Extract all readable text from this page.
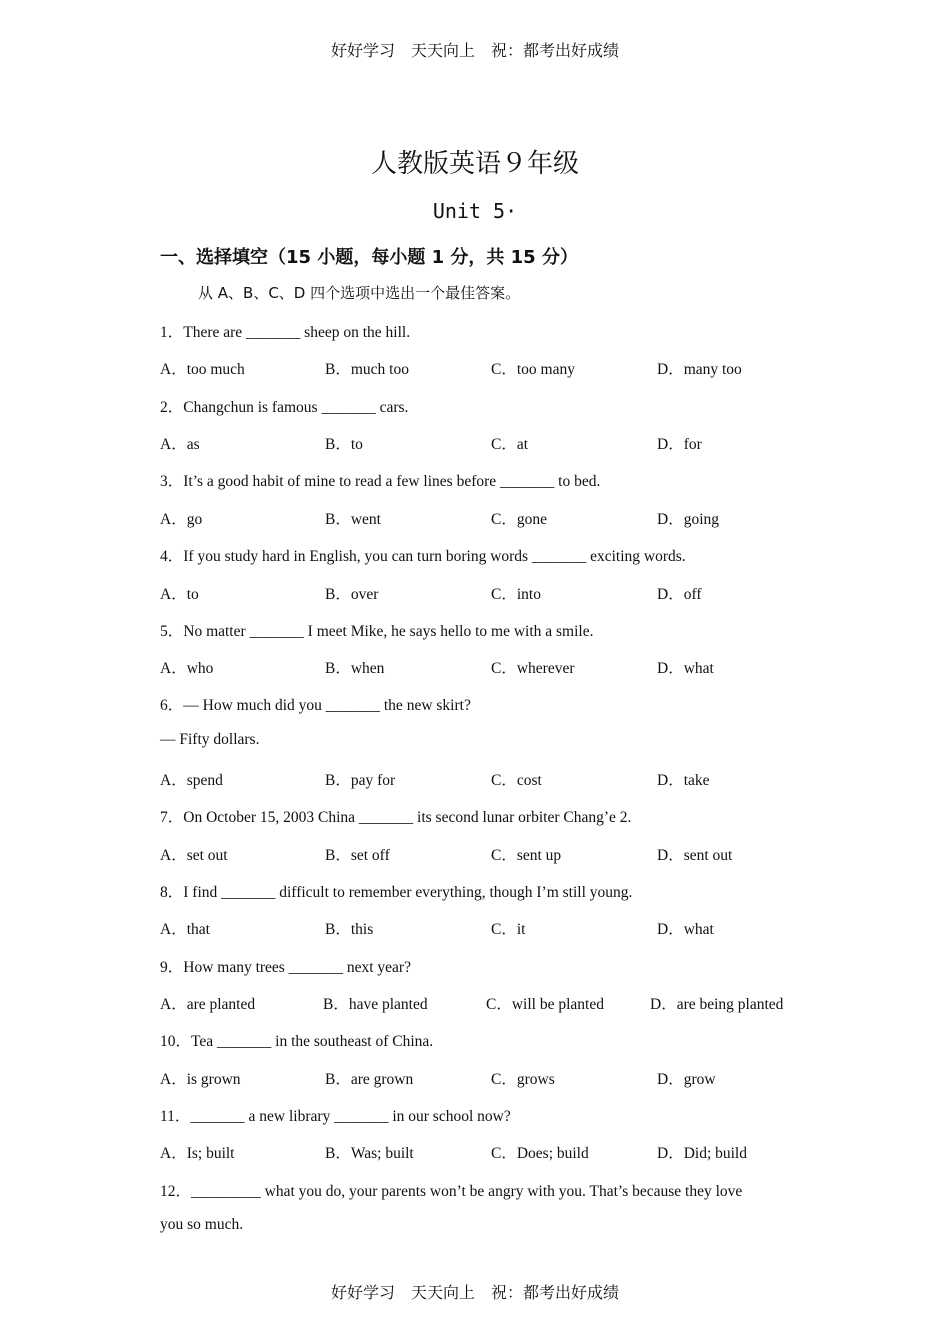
好好学习　天天向上　祝：都考出好成绩
人教版英语９年级
Unit 5·
一、选择填空（15 小题，每小题 1 分，共 15 分）
从 A、B、C、D 四个选项中选出一个最佳答案。
1．There are _______ sheep on the hill.
A．too much	B．much too	C．too many	D．many too
2．Changchun is famous _______ cars.
A．as	B．to	C．at	D．for
3．It’s a good habit of mine to read a few lines before _______ to bed.
A．go	B．went	C．gone	D．going
4．If you study hard in English, you can turn boring words _______ exciting words.
A．to	B．over	C．into	D．off
5．No matter _______ I meet Mike, he says hello to me with a smile.
A．who	B．when	C．wherever	D．what
6．— How much did you _______ the new skirt?
— Fifty dollars.
A．spend	B．pay for	C．cost	D．take
7．On October 15, 2003 China _______ its second lunar orbiter Chang’e 2.
A．set out	B．set off	C．sent up	D．sent out
8．I find _______ difficult to remember everything, though I’m still young.
A．that	B．this	C．it	D．what
9．How many trees _______ next year?
A．are planted	B．have planted	C．will be planted	D．are being planted
10．Tea _______ in the southeast of China.
A．is grown	B．are grown	C．grows	D．grow
11．_______ a new library _______ in our school now?
A．Is; built	B．Was; built	C．Does; build	D．Did; build
12．_________ what you do, your parents won’t be angry with you. That’s because they love
you so much.
好好学习　天天向上　祝：都考出好成绩
